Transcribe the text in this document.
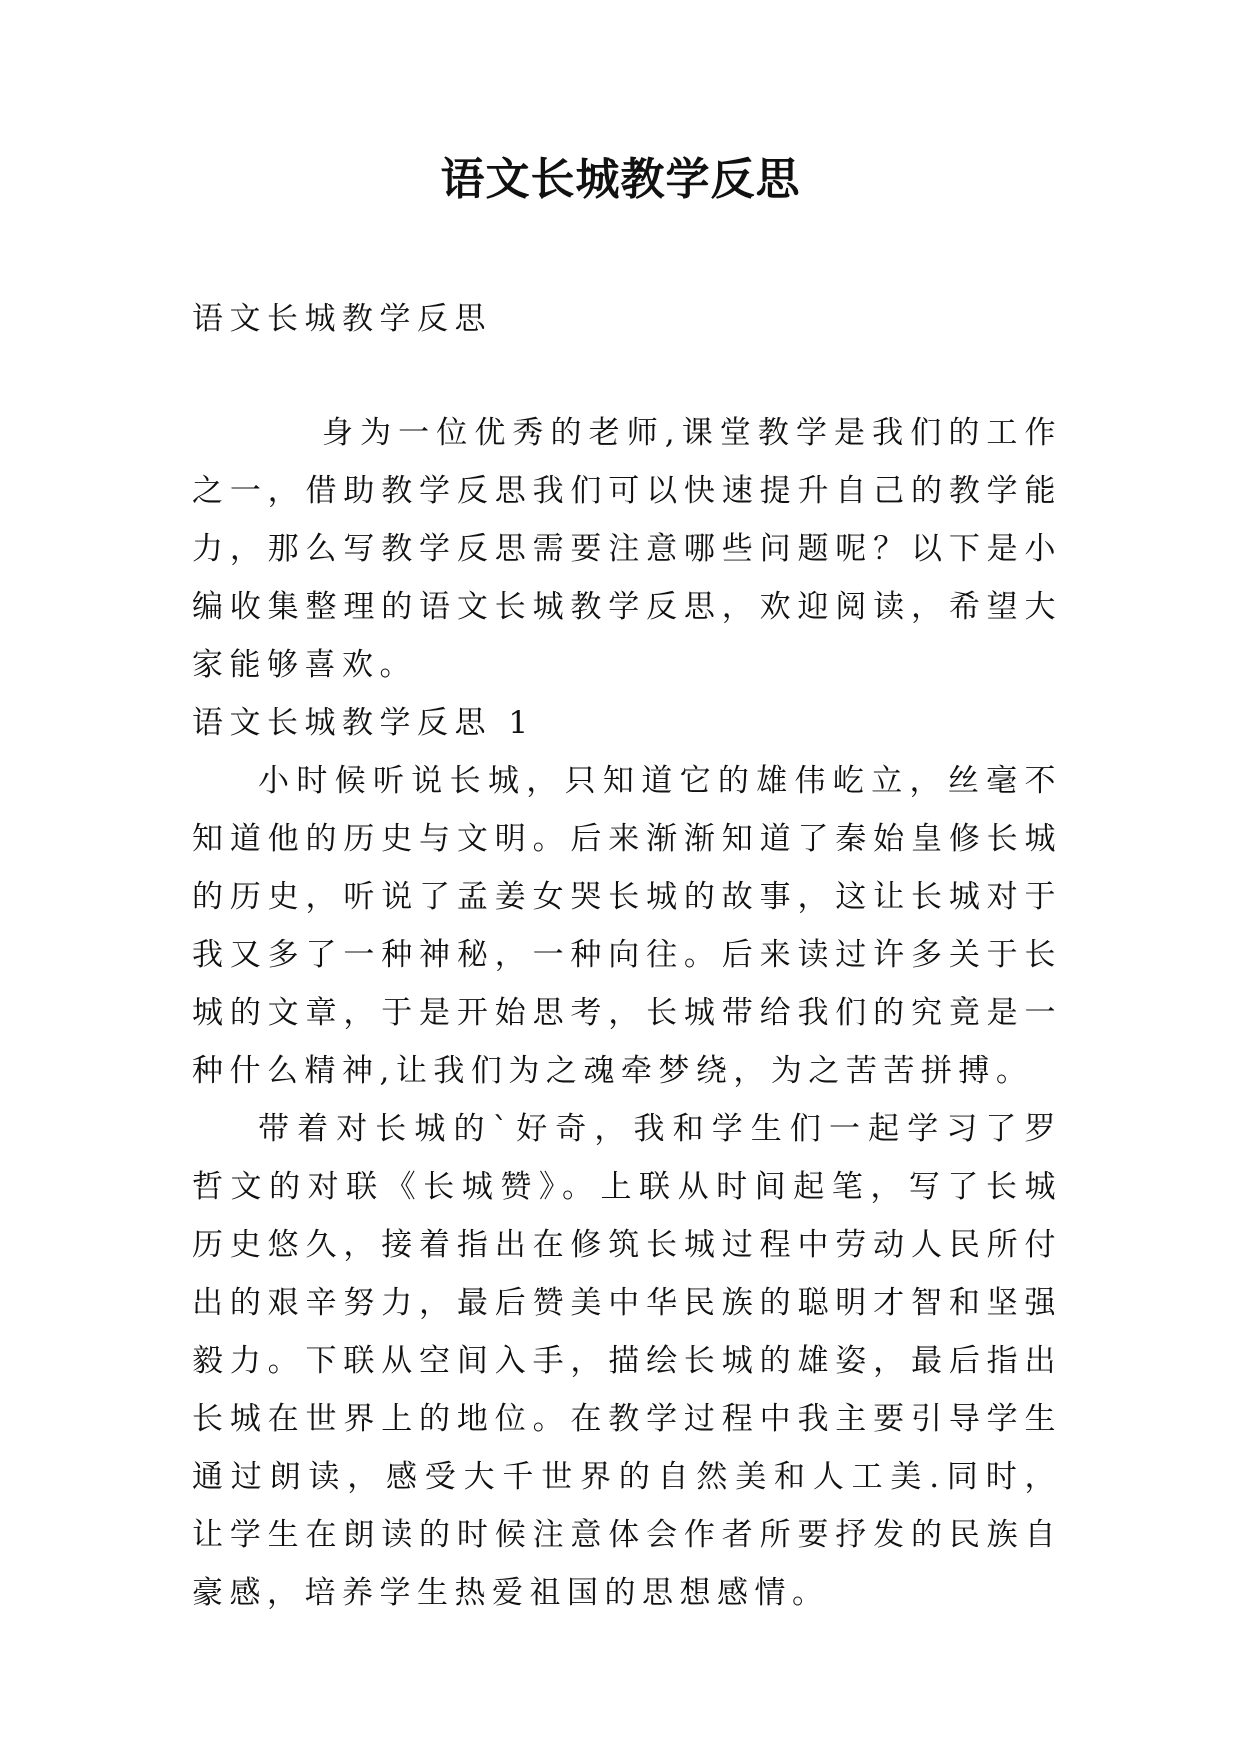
语文长城教学反思

语文长城教学反思

身为一位优秀的老师,课堂教学是我们的工作之一，借助教学反思我们可以快速提升自己的教学能力，那么写教学反思需要注意哪些问题呢？以下是小编收集整理的语文长城教学反思，欢迎阅读，希望大家能够喜欢。

语文长城教学反思 1

小时候听说长城，只知道它的雄伟屹立，丝毫不知道他的历史与文明。后来渐渐知道了秦始皇修长城的历史，听说了孟姜女哭长城的故事，这让长城对于我又多了一种神秘，一种向往。后来读过许多关于长城的文章，于是开始思考，长城带给我们的究竟是一种什么精神,让我们为之魂牵梦绕，为之苦苦拼搏。

带着对长城的`好奇，我和学生们一起学习了罗哲文的对联《长城赞》。上联从时间起笔，写了长城历史悠久，接着指出在修筑长城过程中劳动人民所付出的艰辛努力，最后赞美中华民族的聪明才智和坚强毅力。下联从空间入手，描绘长城的雄姿，最后指出长城在世界上的地位。在教学过程中我主要引导学生通过朗读，感受大千世界的自然美和人工美.同时，让学生在朗读的时候注意体会作者所要抒发的民族自豪感，培养学生热爱祖国的思想感情。
